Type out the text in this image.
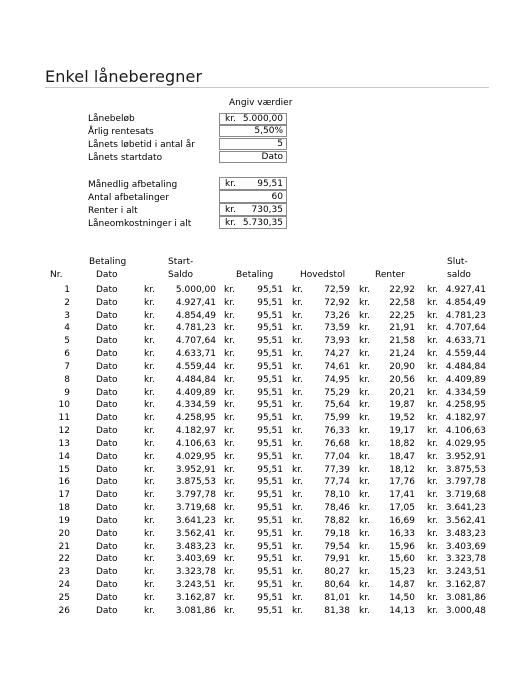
Enkel låneberegner
Angiv værdier
Lånebeløb	kr. 5.000,00
Årlig rentesats	5,50%
Lånets løbetid i antal år	5
Lånets startdato	Dato
Månedlig afbetaling	kr. 95,51
Antal afbetalinger	60
Renter i alt	kr. 730,35
Låneomkostninger i alt	kr. 5.730,35
Betaling	Start-	Slut-
Nr.	Dato	Saldo	Betaling	Hovedstol	Renter	saldo
1	Dato	kr. 5.000,00 kr. 95,51 kr. 72,59 kr. 22,92 kr. 4.927,41
2	Dato	kr. 4.927,41 kr. 95,51 kr. 72,92 kr. 22,58 kr. 4.854,49
3	Dato	kr. 4.854,49 kr. 95,51 kr. 73,26 kr. 22,25 kr. 4.781,23
4	Dato	kr. 4.781,23 kr. 95,51 kr. 73,59 kr. 21,91 kr. 4.707,64
5	Dato	kr. 4.707,64 kr. 95,51 kr. 73,93 kr. 21,58 kr. 4.633,71
6	Dato	kr. 4.633,71 kr. 95,51 kr. 74,27 kr. 21,24 kr. 4.559,44
7	Dato	kr. 4.559,44 kr. 95,51 kr. 74,61 kr. 20,90 kr. 4.484,84
8	Dato	kr. 4.484,84 kr. 95,51 kr. 74,95 kr. 20,56 kr. 4.409,89
9	Dato	kr. 4.409,89 kr. 95,51 kr. 75,29 kr. 20,21 kr. 4.334,59
10	Dato	kr. 4.334,59 kr. 95,51 kr. 75,64 kr. 19,87 kr. 4.258,95
11	Dato	kr. 4.258,95 kr. 95,51 kr. 75,99 kr. 19,52 kr. 4.182,97
12	Dato	kr. 4.182,97 kr. 95,51 kr. 76,33 kr. 19,17 kr. 4.106,63
13	Dato	kr. 4.106,63 kr. 95,51 kr. 76,68 kr. 18,82 kr. 4.029,95
14	Dato	kr. 4.029,95 kr. 95,51 kr. 77,04 kr. 18,47 kr. 3.952,91
15	Dato	kr. 3.952,91 kr. 95,51 kr. 77,39 kr. 18,12 kr. 3.875,53
16	Dato	kr. 3.875,53 kr. 95,51 kr. 77,74 kr. 17,76 kr. 3.797,78
17	Dato	kr. 3.797,78 kr. 95,51 kr. 78,10 kr. 17,41 kr. 3.719,68
18	Dato	kr. 3.719,68 kr. 95,51 kr. 78,46 kr. 17,05 kr. 3.641,23
19	Dato	kr. 3.641,23 kr. 95,51 kr. 78,82 kr. 16,69 kr. 3.562,41
20	Dato	kr. 3.562,41 kr. 95,51 kr. 79,18 kr. 16,33 kr. 3.483,23
21	Dato	kr. 3.483,23 kr. 95,51 kr. 79,54 kr. 15,96 kr. 3.403,69
22	Dato	kr. 3.403,69 kr. 95,51 kr. 79,91 kr. 15,60 kr. 3.323,78
23	Dato	kr. 3.323,78 kr. 95,51 kr. 80,27 kr. 15,23 kr. 3.243,51
24	Dato	kr. 3.243,51 kr. 95,51 kr. 80,64 kr. 14,87 kr. 3.162,87
25	Dato	kr. 3.162,87 kr. 95,51 kr. 81,01 kr. 14,50 kr. 3.081,86
26	Dato	kr. 3.081,86 kr. 95,51 kr. 81,38 kr. 14,13 kr. 3.000,48
